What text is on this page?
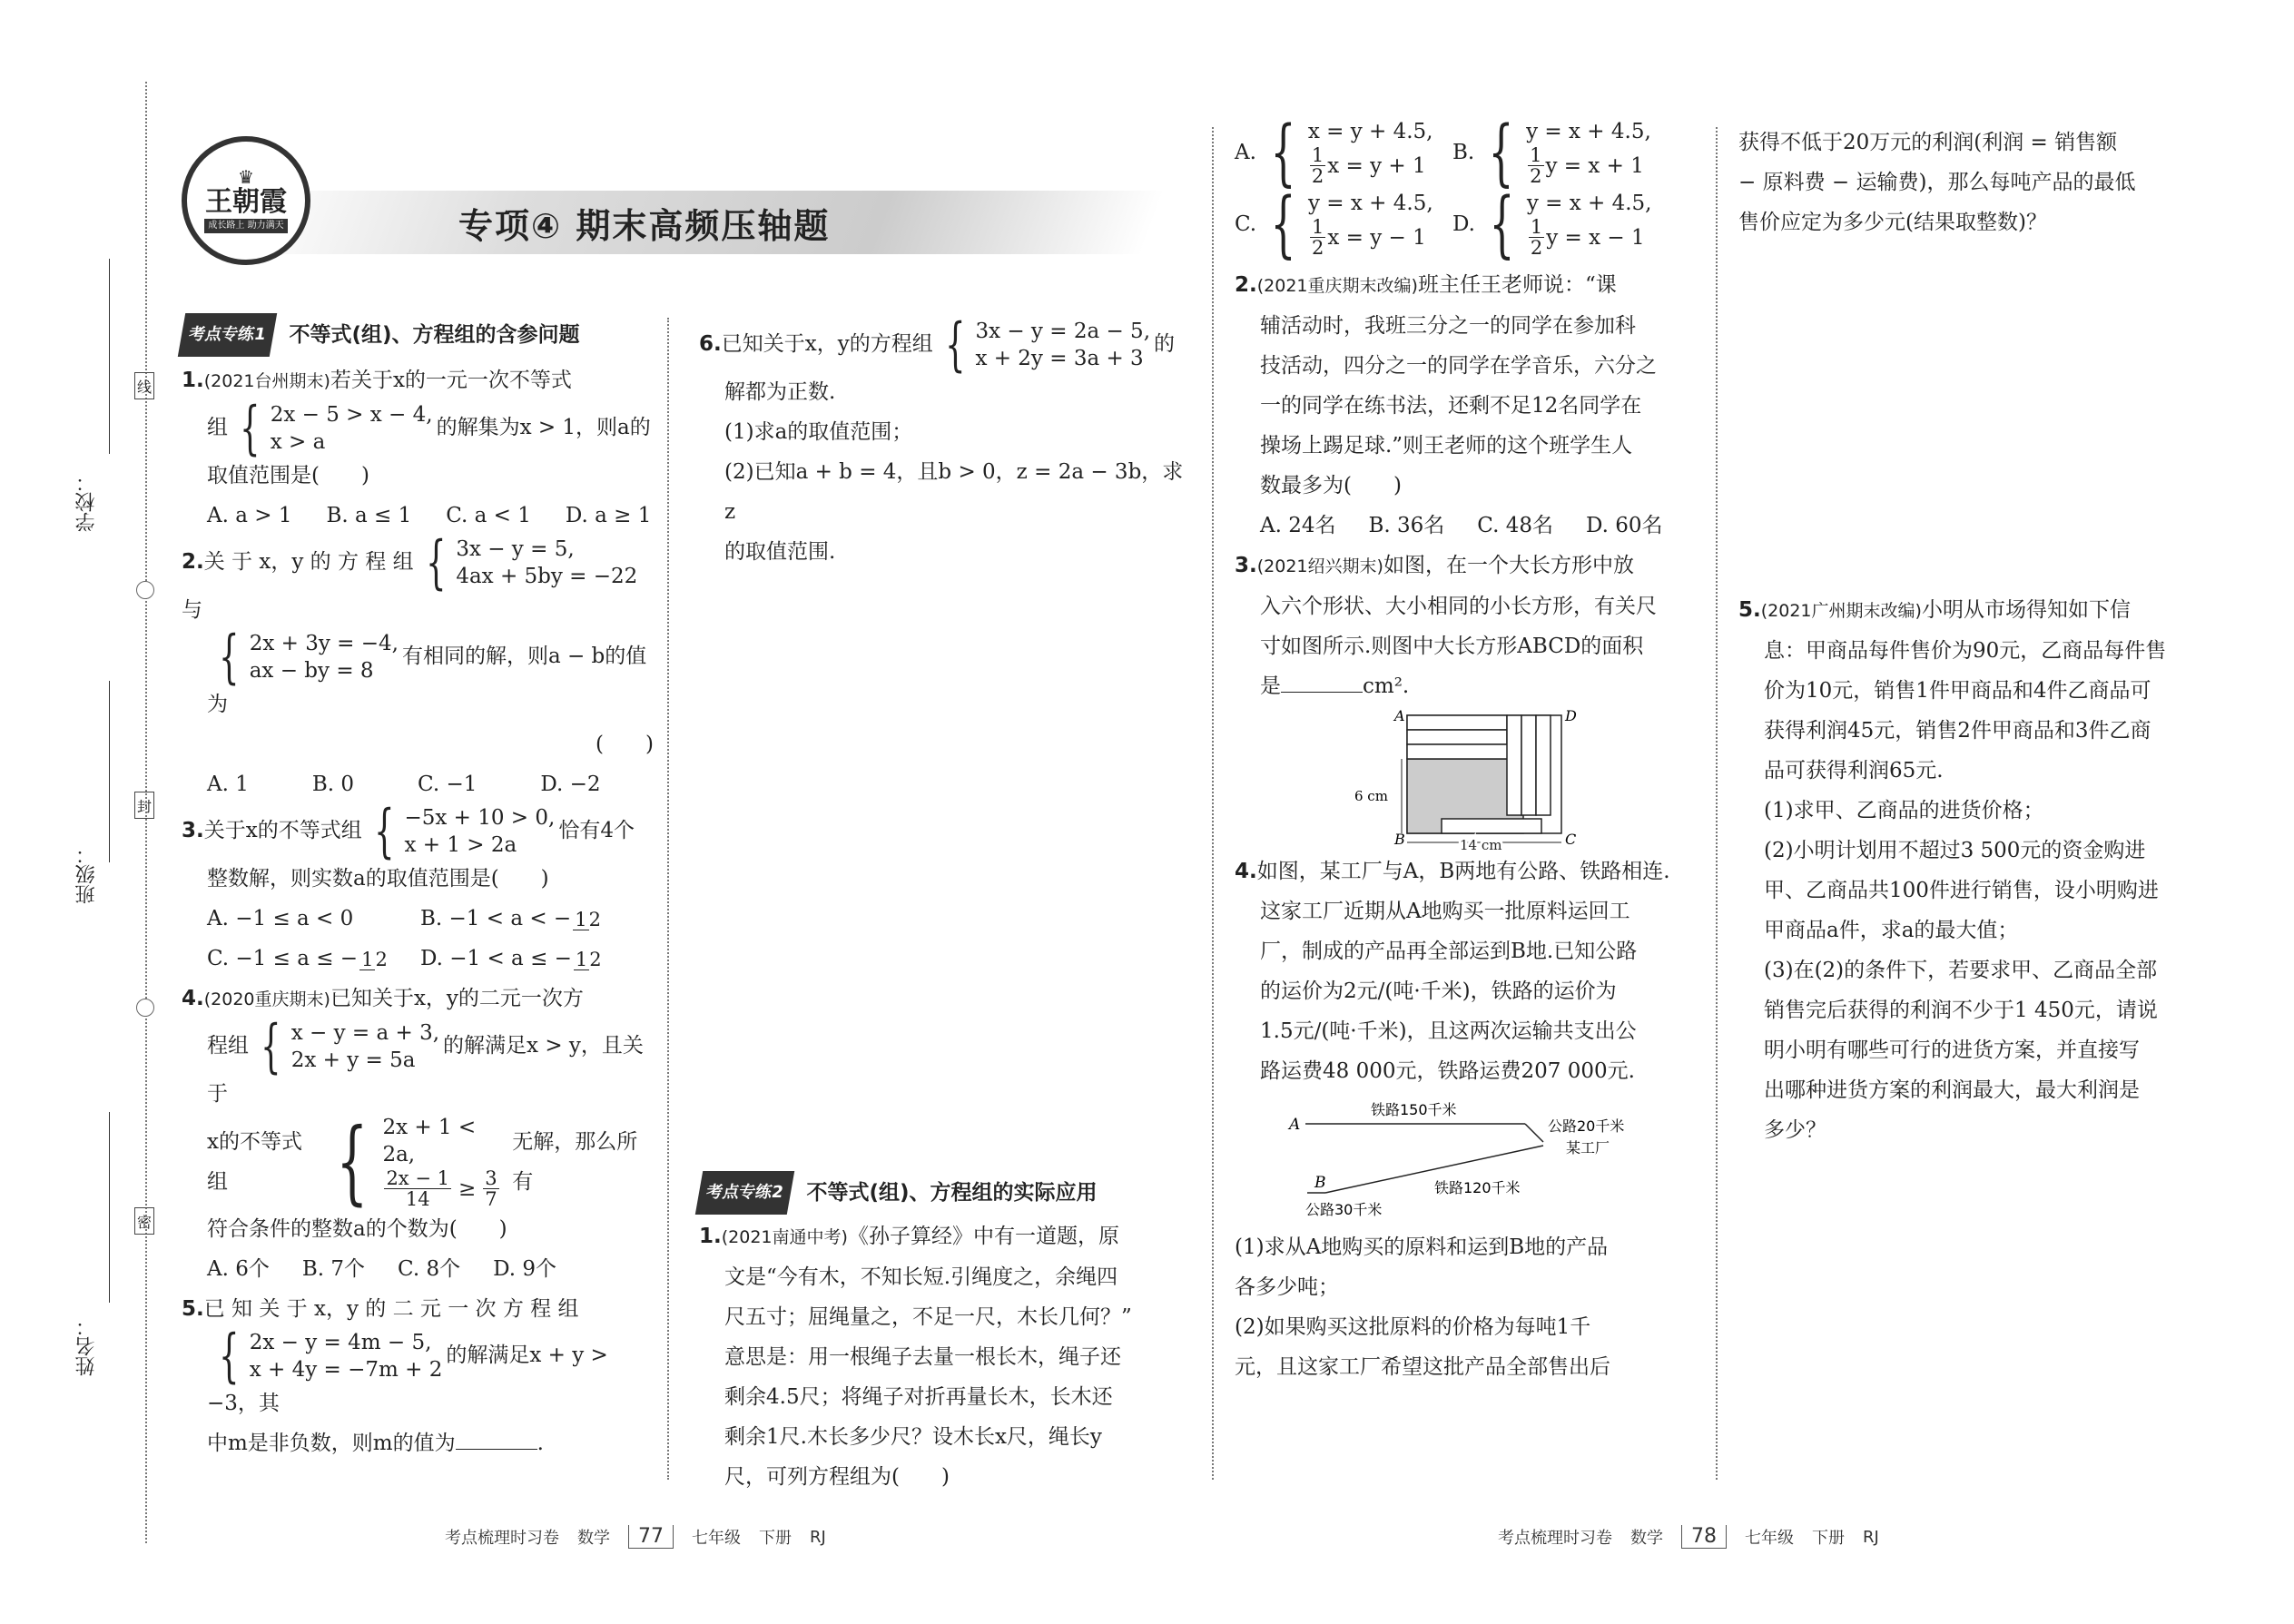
学校：
班级：
姓名：
线
封
密
♛
王朝霞
成长路上 助力满天	专项④ 期末高频压轴题
考点专练1	不等式(组)、方程组的含参问题
1.(2021台州期末)若关于x的一元一次不等式
组 { 2x − 5 > x − 4,
x > a
的解集为x > 1，则a的
取值范围是(　　)
A. a > 1 B. a ≤ 1 C. a < 1 D. a ≥ 1
2.关 于 x，y 的 方 程 组 { 3x − y = 5,
4ax + 5by = −22
与
{ 2x + 3y = −4,
ax − by = 8
有相同的解，则a − b的值为
(　　)
A. 1	B. 0	C. −1	D. −2
3.关于x的不等式组 { −5x + 10 > 0,
x + 1 > 2a
恰有4个
整数解，则实数a的取值范围是(　　)
A. −1 ≤ a < 0	B. −1 < a < − 12
C. −1 ≤ a ≤ − 12	D. −1 < a ≤ − 12
4.(2020重庆期末)已知关于x，y的二元一次方
程组 { x − y = a + 3,
2x + y = 5a
的解满足x > y，且关于
x的不等式组	{ 2x + 1 < 2a,
$\frac{2x - 1}{14} \ge \frac{3}{7}$
无解，那么所有
符合条件的整数a的个数为(　　)
A. 6个 B. 7个 C. 8个 D. 9个
5.已 知 关 于 x，y 的 二 元 一 次 方 程 组
{ 2x − y = 4m − 5,
x + 4y = −7m + 2
的解满足x + y > −3，其
中m是非负数，则m的值为	.
6.已知关于x，y的方程组 { 3x − y = 2a − 5,
x + 2y = 3a + 3
的
解都为正数.
(1)求a的取值范围；
(2)已知a + b = 4，且b > 0，z = 2a − 3b，求z
的取值范围.
考点专练2	不等式(组)、方程组的实际应用
1.(2021南通中考)《孙子算经》中有一道题，原
文是“今有木，不知长短.引绳度之，余绳四
尺五寸；屈绳量之，不足一尺，木长几何？”
意思是：用一根绳子去量一根长木，绳子还
剩余4.5尺；将绳子对折再量长木，长木还
剩余1尺.木长多少尺？设木长x尺，绳长y
尺，可列方程组为(　　)
A. { x = y + 4.5,
$\frac{1}{2}$ x = y + 1
B. { y = x + 4.5,
$\frac{1}{2}$ y = x + 1
C. { y = x + 4.5,
$\frac{1}{2}$ x = y − 1
D. { y = x + 4.5,
$\frac{1}{2}$ y = x − 1
2.(2021重庆期末改编)班主任王老师说：“课
辅活动时，我班三分之一的同学在参加科
技活动，四分之一的同学在学音乐，六分之
一的同学在练书法，还剩不足12名同学在
操场上踢足球.”则王老师的这个班学生人
数最多为(　　)
A. 24名 B. 36名 C. 48名 D. 60名
3.(2021绍兴期末)如图，在一个大长方形中放
入六个形状、大小相同的小长方形，有关尺
寸如图所示.则图中大长方形ABCD的面积
是	cm².
A	D
B	C
6 cm
14 cm
4.如图，某工厂与A，B两地有公路、铁路相连.
这家工厂近期从A地购买一批原料运回工
厂，制成的产品再全部运到B地.已知公路
的运价为2元/(吨·千米)，铁路的运价为
1.5元/(吨·千米)，且这两次运输共支出公
路运费48 000元，铁路运费207 000元.
A
铁路150千米
公路20千米
某工厂
B	铁路120千米
公路30千米
(1)求从A地购买的原料和运到B地的产品
各多少吨；
(2)如果购买这批原料的价格为每吨1千
元，且这家工厂希望这批产品全部售出后
获得不低于20万元的利润(利润 = 销售额
− 原料费 − 运输费)，那么每吨产品的最低
售价应定为多少元(结果取整数)？
5.(2021广州期末改编)小明从市场得知如下信
息：甲商品每件售价为90元，乙商品每件售
价为10元，销售1件甲商品和4件乙商品可
获得利润45元，销售2件甲商品和3件乙商
品可获得利润65元.
(1)求甲、乙商品的进货价格；
(2)小明计划用不超过3 500元的资金购进
甲、乙商品共100件进行销售，设小明购进
甲商品a件，求a的最大值；
(3)在(2)的条件下，若要求甲、乙商品全部
销售完后获得的利润不少于1 450元，请说
明小明有哪些可行的进货方案，并直接写
出哪种进货方案的利润最大，最大利润是
多少？
考点梳理时习卷 数学	77	七年级 下册 RJ	考点梳理时习卷 数学	78	七年级 下册 RJ
